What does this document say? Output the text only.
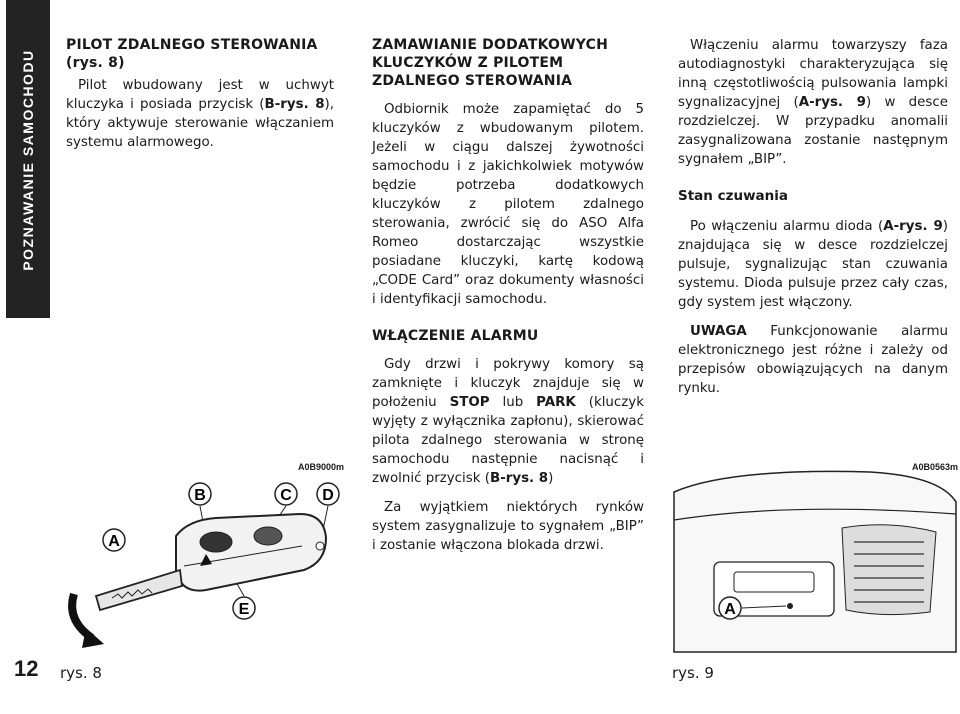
POZNAWANIE SAMOCHODU
12
PILOT ZDALNEGO STEROWANIA (rys. 8)

Pilot wbudowany jest w uchwyt kluczyka i posiada przycisk (B-rys. 8), który aktywuje sterowanie włączaniem systemu alarmowego.

ZAMAWIANIE DODATKOWYCH KLUCZYKÓW Z PILOTEM ZDALNEGO STEROWANIA

Odbiornik może zapamiętać do 5 kluczyków z wbudowanym pilotem. Jeżeli w ciągu dalszej żywotności samochodu i z jakichkolwiek motywów będzie potrzeba dodatkowych kluczyków z pilotem zdalnego sterowania, zwrócić się do ASO Alfa Romeo dostarczając wszystkie posiadane kluczyki, kartę kodową „CODE Card” oraz dokumenty własności i identyfikacji samochodu.

WŁĄCZENIE ALARMU

Gdy drzwi i pokrywy komory są zamknięte i kluczyk znajduje się w położeniu STOP lub PARK (kluczyk wyjęty z wyłącznika zapłonu), skierować pilota zdalnego sterowania w stronę samochodu następnie nacisnąć i zwolnić przycisk (B-rys. 8)

Za wyjątkiem niektórych rynków system zasygnalizuje to sygnałem „BIP” i zostanie włączona blokada drzwi.

Włączeniu alarmu towarzyszy faza autodiagnostyki charakteryzująca się inną częstotliwością pulsowania lampki sygnalizacyjnej (A-rys. 9) w desce rozdzielczej. W przypadku anomalii zasygnalizowana zostanie następnym sygnałem „BIP”.

Stan czuwania

Po włączeniu alarmu dioda (A-rys. 9) znajdująca się w desce rozdzielczej pulsuje, sygnalizując stan czuwania systemu. Dioda pulsuje przez cały czas, gdy system jest włączony.

UWAGA Funkcjonowanie alarmu elektronicznego jest różne i zależy od przepisów obowiązujących na danym rynku.

A0B9000m
A
B	C D
E
rys. 8
A0B0563m
A
rys. 9
